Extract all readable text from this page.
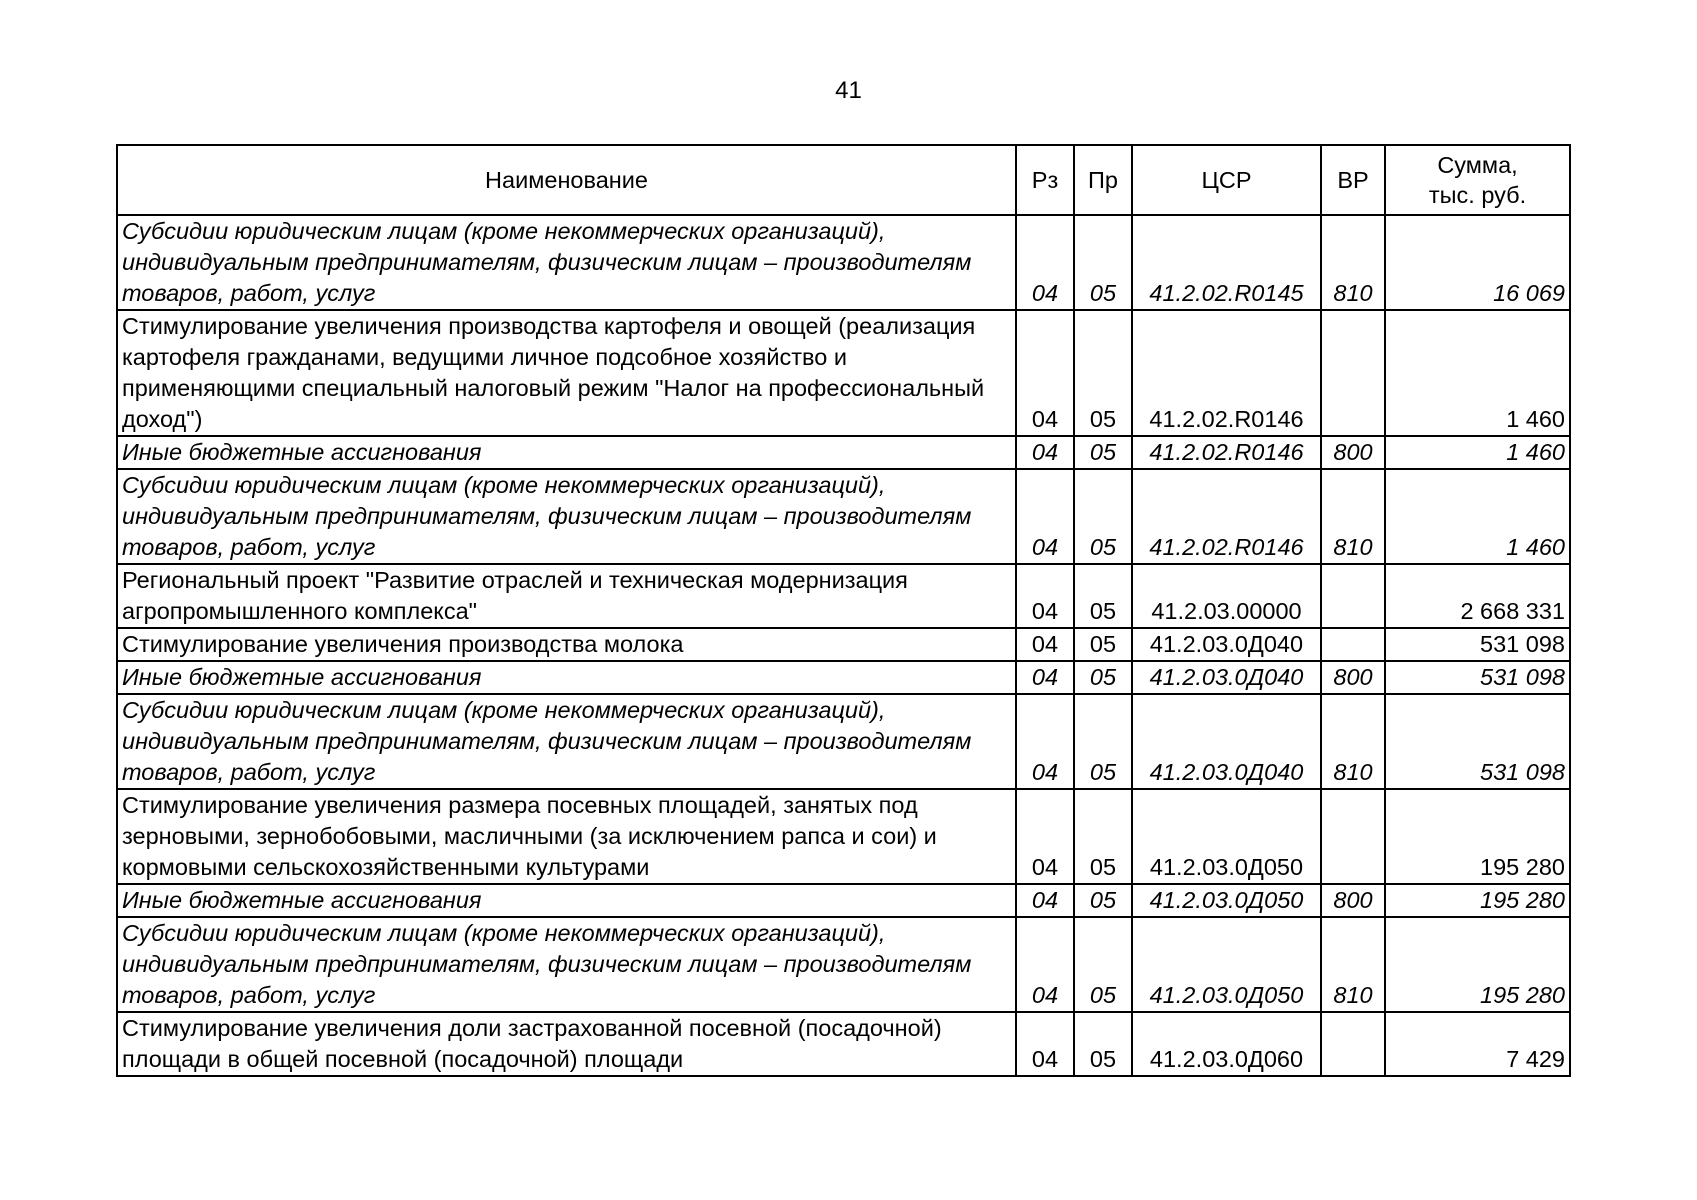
41
Наименование	Рз	Пр	ЦСР	ВР	Сумма,
тыс. руб.

Субсидии юридическим лицам (кроме некоммерческих организаций), индивидуальным предпринимателям, физическим лицам – производителям товаров, работ, услуг	04	05	41.2.02.R0145	810	16 069
Стимулирование увеличения производства картофеля и овощей (реализация картофеля гражданами, ведущими личное подсобное хозяйство и применяющими специальный налоговый режим "Налог на профессиональный доход")	04	05	41.2.02.R0146		1 460
Иные бюджетные ассигнования	04	05	41.2.02.R0146	800	1 460
Субсидии юридическим лицам (кроме некоммерческих организаций), индивидуальным предпринимателям, физическим лицам – производителям товаров, работ, услуг	04	05	41.2.02.R0146	810	1 460
Региональный проект "Развитие отраслей и техническая модернизация агропромышленного комплекса"	04	05	41.2.03.00000		2 668 331
Стимулирование увеличения производства молока	04	05	41.2.03.0Д040		531 098
Иные бюджетные ассигнования	04	05	41.2.03.0Д040	800	531 098
Субсидии юридическим лицам (кроме некоммерческих организаций), индивидуальным предпринимателям, физическим лицам – производителям товаров, работ, услуг	04	05	41.2.03.0Д040	810	531 098
Стимулирование увеличения размера посевных площадей, занятых под зерновыми, зернобобовыми, масличными (за исключением рапса и сои) и кормовыми сельскохозяйственными культурами	04	05	41.2.03.0Д050		195 280
Иные бюджетные ассигнования	04	05	41.2.03.0Д050	800	195 280
Субсидии юридическим лицам (кроме некоммерческих организаций), индивидуальным предпринимателям, физическим лицам – производителям товаров, работ, услуг	04	05	41.2.03.0Д050	810	195 280
Стимулирование увеличения доли застрахованной посевной (посадочной) площади в общей посевной (посадочной) площади	04	05	41.2.03.0Д060		7 429
